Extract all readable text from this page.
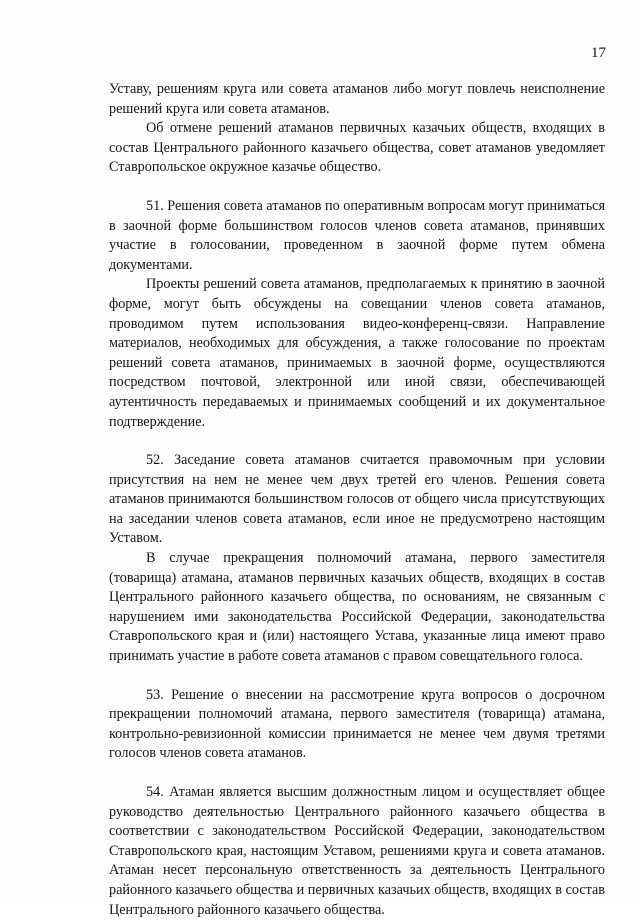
17

Уставу, решениям круга или совета атаманов либо могут повлечь неисполнение решений круга или совета атаманов.

Об отмене решений атаманов первичных казачьих обществ, входящих в состав Центрального районного казачьего общества, совет атаманов уведомляет Ставропольское окружное казачье общество.

51. Решения совета атаманов по оперативным вопросам могут приниматься в заочной форме большинством голосов членов совета атаманов, принявших участие в голосовании, проведенном в заочной форме путем обмена документами.

Проекты решений совета атаманов, предполагаемых к принятию в заочной форме, могут быть обсуждены на совещании членов совета атаманов, проводимом путем использования видео-конференц-связи. Направление материалов, необходимых для обсуждения, а также голосование по проектам решений совета атаманов, принимаемых в заочной форме, осуществляются посредством почтовой, электронной или иной связи, обеспечивающей аутентичность передаваемых и принимаемых сообщений и их документальное подтверждение.

52. Заседание совета атаманов считается правомочным при условии присутствия на нем не менее чем двух третей его членов. Решения совета атаманов принимаются большинством голосов от общего числа присутствующих на заседании членов совета атаманов, если иное не предусмотрено настоящим Уставом.

В случае прекращения полномочий атамана, первого заместителя (товарища) атамана, атаманов первичных казачьих обществ, входящих в состав Центрального районного казачьего общества, по основаниям, не связанным с нарушением ими законодательства Российской Федерации, законодательства Ставропольского края и (или) настоящего Устава, указанные лица имеют право принимать участие в работе совета атаманов с правом совещательного голоса.

53. Решение о внесении на рассмотрение круга вопросов о досрочном прекращении полномочий атамана, первого заместителя (товарища) атамана, контрольно-ревизионной комиссии принимается не менее чем двумя третями голосов членов совета атаманов.

54. Атаман является высшим должностным лицом и осуществляет общее руководство деятельностью Центрального районного казачьего общества в соответствии с законодательством Российской Федерации, законодательством Ставропольского края, настоящим Уставом, решениями круга и совета атаманов. Атаман несет персональную ответственность за деятельность Центрального районного казачьего общества и первичных казачьих обществ, входящих в состав Центрального районного казачьего общества.
